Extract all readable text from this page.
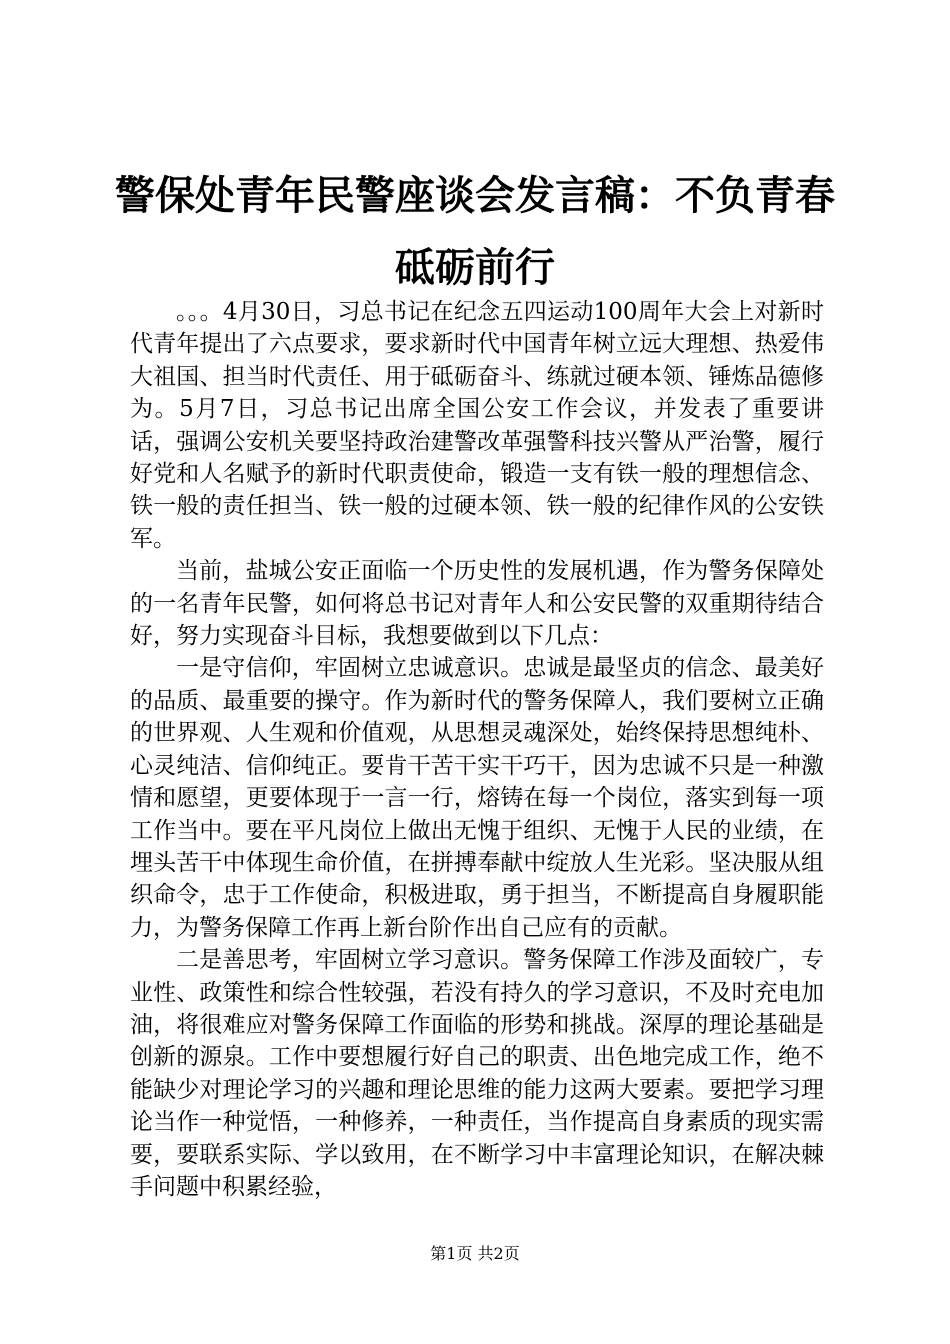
警保处青年民警座谈会发言稿：不负青春砥砺前行

。。。4月30日，习总书记在纪念五四运动100周年大会上对新时代青年提出了六点要求，要求新时代中国青年树立远大理想、热爱伟大祖国、担当时代责任、用于砥砺奋斗、练就过硬本领、锤炼品德修为。5月7日，习总书记出席全国公安工作会议，并发表了重要讲话，强调公安机关要坚持政治建警改革强警科技兴警从严治警，履行好党和人名赋予的新时代职责使命，锻造一支有铁一般的理想信念、铁一般的责任担当、铁一般的过硬本领、铁一般的纪律作风的公安铁军。

当前，盐城公安正面临一个历史性的发展机遇，作为警务保障处的一名青年民警，如何将总书记对青年人和公安民警的双重期待结合好，努力实现奋斗目标，我想要做到以下几点：

一是守信仰，牢固树立忠诚意识。忠诚是最坚贞的信念、最美好的品质、最重要的操守。作为新时代的警务保障人，我们要树立正确的世界观、人生观和价值观，从思想灵魂深处，始终保持思想纯朴、心灵纯洁、信仰纯正。要肯干苦干实干巧干，因为忠诚不只是一种激情和愿望，更要体现于一言一行，熔铸在每一个岗位，落实到每一项工作当中。要在平凡岗位上做出无愧于组织、无愧于人民的业绩，在埋头苦干中体现生命价值，在拼搏奉献中绽放人生光彩。坚决服从组织命令，忠于工作使命，积极进取，勇于担当，不断提高自身履职能力，为警务保障工作再上新台阶作出自己应有的贡献。

二是善思考，牢固树立学习意识。警务保障工作涉及面较广，专业性、政策性和综合性较强，若没有持久的学习意识，不及时充电加油，将很难应对警务保障工作面临的形势和挑战。深厚的理论基础是创新的源泉。工作中要想履行好自己的职责、出色地完成工作，绝不能缺少对理论学习的兴趣和理论思维的能力这两大要素。要把学习理论当作一种觉悟，一种修养，一种责任，当作提高自身素质的现实需要，要联系实际、学以致用，在不断学习中丰富理论知识，在解决棘手问题中积累经验，

第1页 共2页
